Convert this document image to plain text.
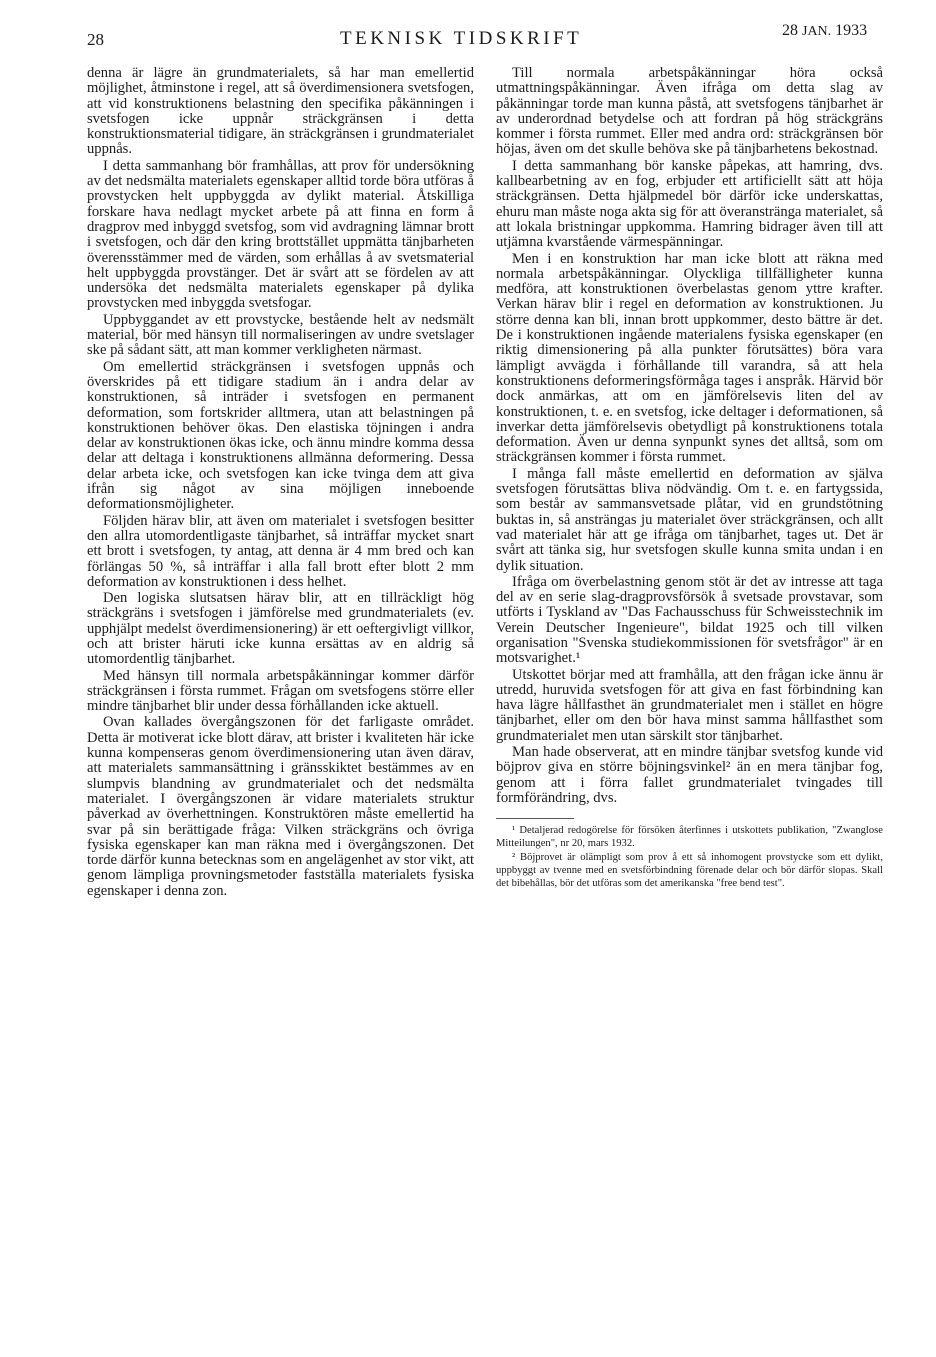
28	TEKNISK TIDSKRIFT	28 JAN. 1933

denna är lägre än grundmaterialets, så har man emellertid möjlighet, åtminstone i regel, att så överdimensionera svetsfogen, att vid konstruktionens belastning den specifika påkänningen i svetsfogen icke uppnår sträckgränsen i detta konstruktionsmaterial tidigare, än sträckgränsen i grundmaterialet uppnås.

I detta sammanhang bör framhållas, att prov för undersökning av det nedsmälta materialets egenskaper alltid torde böra utföras å provstycken helt uppbyggda av dylikt material. Åtskilliga forskare hava nedlagt mycket arbete på att finna en form å dragprov med inbyggd svetsfog, som vid avdragning lämnar brott i svetsfogen, och där den kring brottstället uppmätta tänjbarheten överensstämmer med de värden, som erhållas å av svetsmaterial helt uppbyggda provstänger. Det är svårt att se fördelen av att undersöka det nedsmälta materialets egenskaper på dylika provstycken med inbyggda svetsfogar.

Uppbyggandet av ett provstycke, bestående helt av nedsmält material, bör med hänsyn till normaliseringen av undre svetslager ske på sådant sätt, att man kommer verkligheten närmast.

Om emellertid sträckgränsen i svetsfogen uppnås och överskrides på ett tidigare stadium än i andra delar av konstruktionen, så inträder i svetsfogen en permanent deformation, som fortskrider alltmera, utan att belastningen på konstruktionen behöver ökas. Den elastiska töjningen i andra delar av konstruktionen ökas icke, och ännu mindre komma dessa delar att deltaga i konstruktionens allmänna deformering. Dessa delar arbeta icke, och svetsfogen kan icke tvinga dem att giva ifrån sig något av sina möjligen inneboende deformationsmöjligheter.

Följden härav blir, att även om materialet i svetsfogen besitter den allra utomordentligaste tänjbarhet, så inträffar mycket snart ett brott i svetsfogen, ty antag, att denna är 4 mm bred och kan förlängas 50 %, så inträffar i alla fall brott efter blott 2 mm deformation av konstruktionen i dess helhet.

Den logiska slutsatsen härav blir, att en tillräckligt hög sträckgräns i svetsfogen i jämförelse med grundmaterialets (ev. upphjälpt medelst överdimensionering) är ett oeftergivligt villkor, och att brister häruti icke kunna ersättas av en aldrig så utomordentlig tänjbarhet.

Med hänsyn till normala arbetspåkänningar kommer därför sträckgränsen i första rummet. Frågan om svetsfogens större eller mindre tänjbarhet blir under dessa förhållanden icke aktuell.

Ovan kallades övergångszonen för det farligaste området. Detta är motiverat icke blott därav, att brister i kvaliteten här icke kunna kompenseras genom överdimensionering utan även därav, att materialets sammansättning i gränsskiktet bestämmes av en slumpvis blandning av grundmaterialet och det nedsmälta materialet. I övergångszonen är vidare materialets struktur påverkad av överhettningen. Konstruktören måste emellertid ha svar på sin berättigade fråga: Vilken sträckgräns och övriga fysiska egenskaper kan man räkna med i övergångszonen. Det torde därför kunna betecknas som en angelägenhet av stor vikt, att genom lämpliga provningsmetoder fastställa materialets fysiska egenskaper i denna zon.

Till normala arbetspåkänningar höra också utmattningspåkänningar. Även ifråga om detta slag av påkänningar torde man kunna påstå, att svetsfogens tänjbarhet är av underordnad betydelse och att fordran på hög sträckgräns kommer i första rummet. Eller med andra ord: sträckgränsen bör höjas, även om det skulle behöva ske på tänjbarhetens bekostnad.

I detta sammanhang bör kanske påpekas, att hamring, dvs. kallbearbetning av en fog, erbjuder ett artificiellt sätt att höja sträckgränsen. Detta hjälpmedel bör därför icke underskattas, ehuru man måste noga akta sig för att överanstränga materialet, så att lokala bristningar uppkomma. Hamring bidrager även till att utjämna kvarstående värmespänningar.

Men i en konstruktion har man icke blott att räkna med normala arbetspåkänningar. Olyckliga tillfälligheter kunna medföra, att konstruktionen överbelastas genom yttre krafter. Verkan härav blir i regel en deformation av konstruktionen. Ju större denna kan bli, innan brott uppkommer, desto bättre är det. De i konstruktionen ingående materialens fysiska egenskaper (en riktig dimensionering på alla punkter förutsättes) böra vara lämpligt avvägda i förhållande till varandra, så att hela konstruktionens deformeringsförmåga tages i anspråk. Härvid bör dock anmärkas, att om en jämförelsevis liten del av konstruktionen, t. e. en svetsfog, icke deltager i deformationen, så inverkar detta jämförelsevis obetydligt på konstruktionens totala deformation. Även ur denna synpunkt synes det alltså, som om sträckgränsen kommer i första rummet.

I många fall måste emellertid en deformation av själva svetsfogen förutsättas bliva nödvändig. Om t. e. en fartygssida, som består av sammansvetsade plåtar, vid en grundstötning buktas in, så ansträngas ju materialet över sträckgränsen, och allt vad materialet här att ge ifråga om tänjbarhet, tages ut. Det är svårt att tänka sig, hur svetsfogen skulle kunna smita undan i en dylik situation.

Ifråga om överbelastning genom stöt är det av intresse att taga del av en serie slag-dragprovsförsök å svetsade provstavar, som utförts i Tyskland av "Das Fachausschuss für Schweisstechnik im Verein Deutscher Ingenieure", bildat 1925 och till vilken organisation "Svenska studiekommissionen för svetsfrågor" är en motsvarighet.¹

Utskottet börjar med att framhålla, att den frågan icke ännu är utredd, huruvida svetsfogen för att giva en fast förbindning kan hava lägre hållfasthet än grundmaterialet men i stället en högre tänjbarhet, eller om den bör hava minst samma hållfasthet som grundmaterialet men utan särskilt stor tänjbarhet.

Man hade observerat, att en mindre tänjbar svetsfog kunde vid böjprov giva en större böjningsvinkel² än en mera tänjbar fog, genom att i förra fallet grundmaterialet tvingades till formförändring, dvs.

¹ Detaljerad redogörelse för försöken återfinnes i utskottets publikation, "Zwanglose Mitteilungen", nr 20, mars 1932.

² Böjprovet är olämpligt som prov å ett så inhomogent provstycke som ett dylikt, uppbyggt av tvenne med en svetsförbindning förenade delar och bör därför slopas. Skall det bibehållas, bör det utföras som det amerikanska "free bend test".
